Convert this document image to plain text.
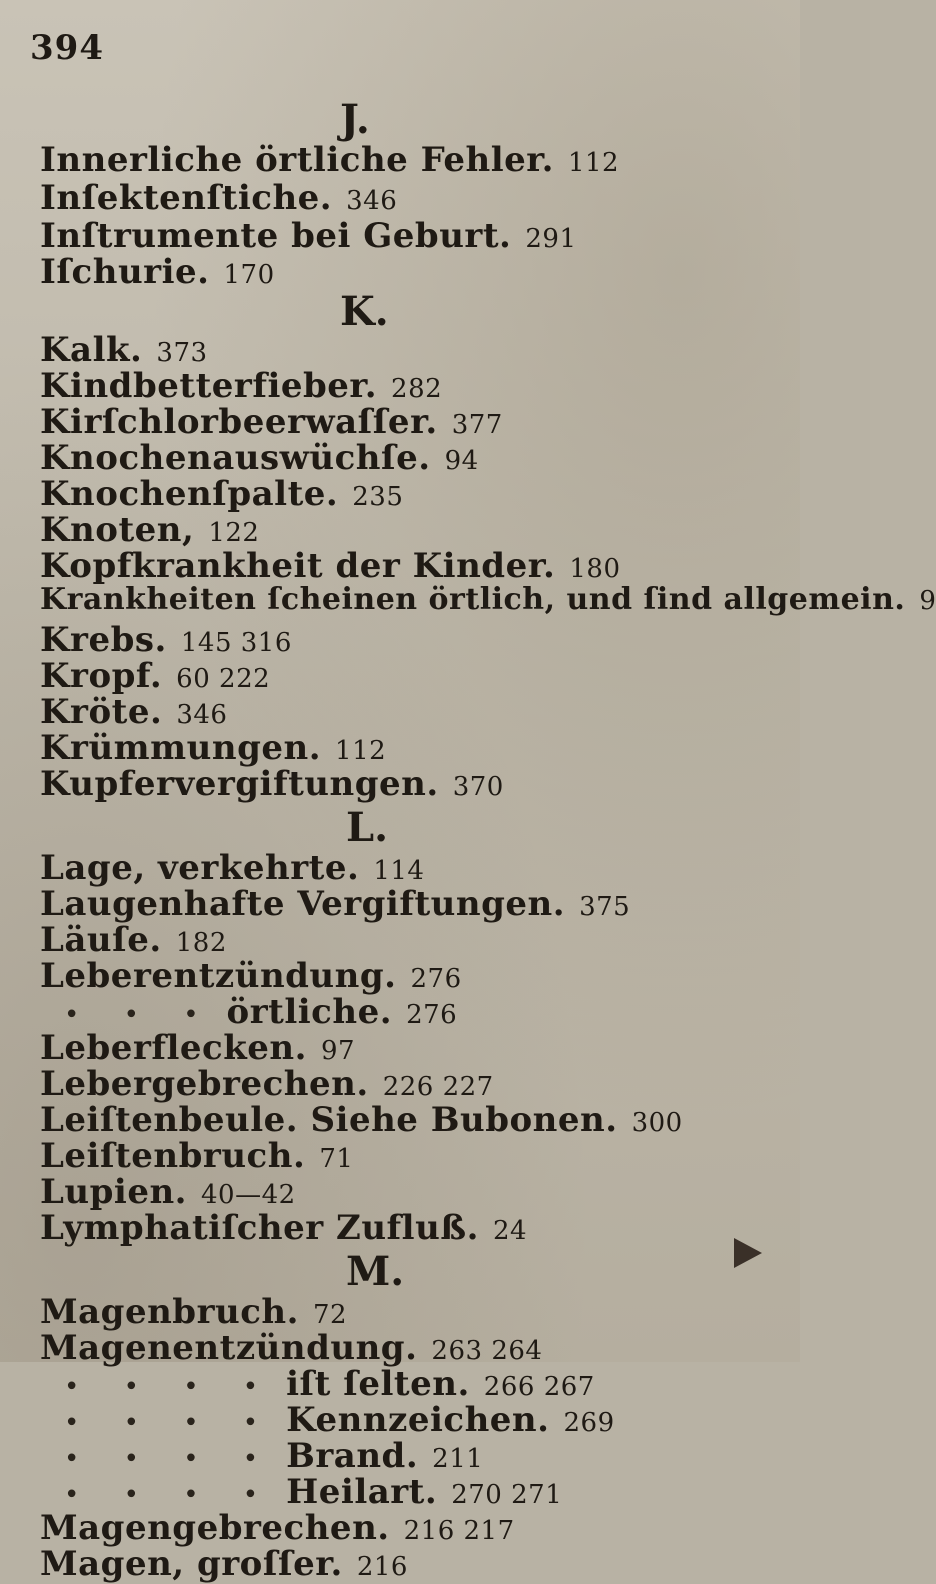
394
J.
Innerliche örtliche Fehler. 112
Inſektenſtiche. 346
Inſtrumente bei Geburt. 291
Iſchurie. 170
K.
Kalk. 373
Kindbetterfieber. 282
Kirſchlorbeerwaſſer. 377
Knochenauswüchſe. 94
Knochenſpalte. 235
Knoten, 122
Kopfkrankheit der Kinder. 180
Krankheiten ſcheinen örtlich, und ſind allgemein. 9
Krebs. 145 316
Kropf. 60 222
Kröte. 346
Krümmungen. 112
Kupfervergiftungen. 370
L.
Lage, verkehrte. 114
Laugenhafte Vergiftungen. 375
Läuſe. 182
Leberentzündung. 276
• • • örtliche. 276
Leberflecken. 97
Lebergebrechen. 226 227
Leiſtenbeule. Siehe Bubonen. 300
Leiſtenbruch. 71
Lupien. 40—42
Lymphatiſcher Zufluß. 24
M.
Magenbruch. 72
Magenentzündung. 263 264
• • • • iſt ſelten. 266 267
• • • • Kennzeichen. 269
• • • • Brand. 211
• • • • Heilart. 270 271
Magengebrechen. 216 217
Magen, groſſer. 216
